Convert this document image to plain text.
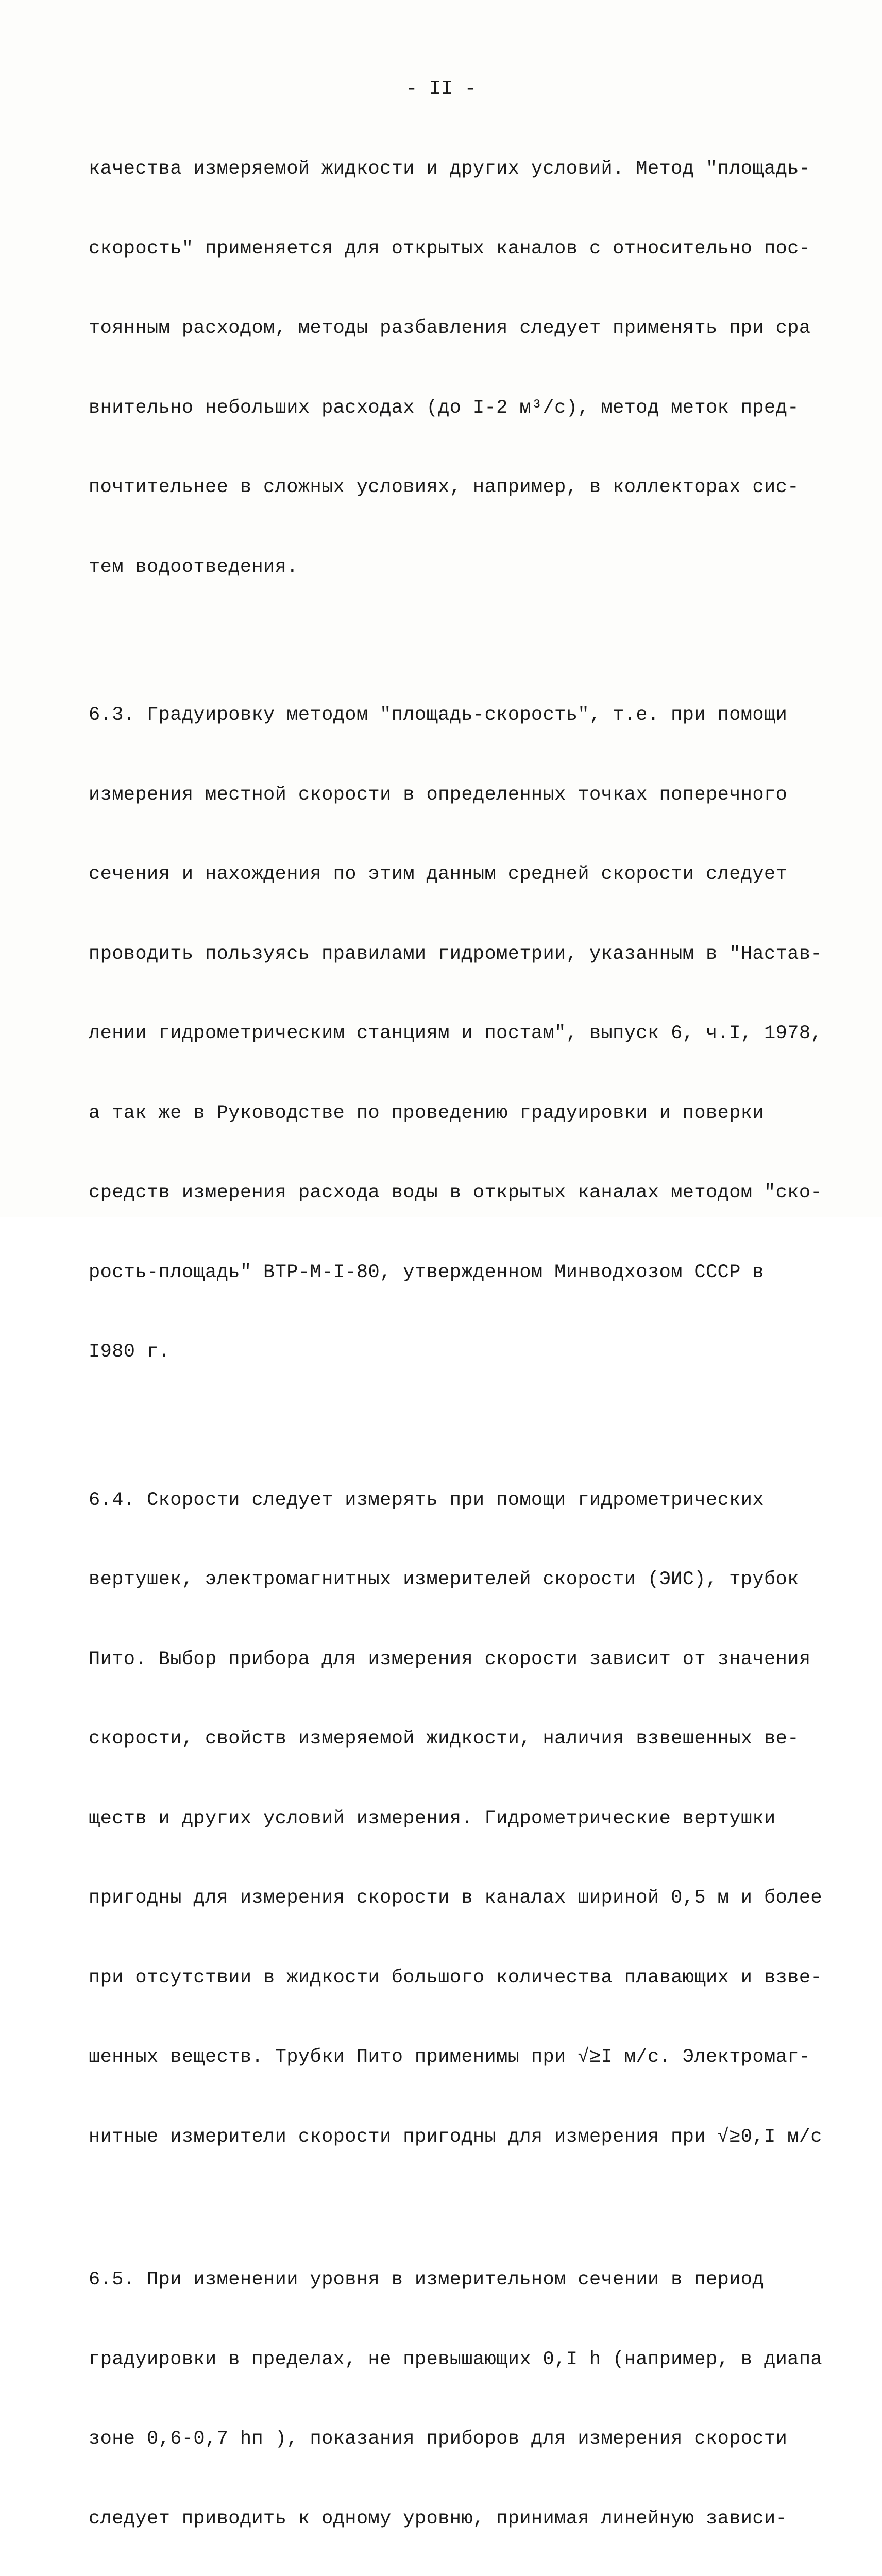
- II -

качества измеряемой жидкости и других условий. Метод "площадь-

скорость" применяется для открытых каналов с относительно пос-

тоянным расходом, методы разбавления следует применять при сра

внительно небольших расходах (до I-2 м³/с), метод меток пред-

почтительнее в сложных условиях, например, в коллекторах сис-

тем водоотведения.

6.3. Градуировку методом "площадь-скорость", т.е. при помощи

измерения местной скорости в определенных точках поперечного

сечения и нахождения по этим данным средней скорости следует

проводить пользуясь правилами гидрометрии, указанным в "Настав-

лении гидрометрическим станциям и постам", выпуск 6, ч.I, 1978,

а так же в Руководстве по проведению градуировки и поверки

средств измерения расхода воды в открытых каналах методом "ско-

рость-площадь" ВТР-М-I-80, утвержденном Минводхозом СССР в

I980 г.

6.4. Скорости следует измерять при помощи гидрометрических

вертушек, электромагнитных измерителей скорости (ЭИС), трубок

Пито. Выбор прибора для измерения скорости зависит от значения

скорости, свойств измеряемой жидкости, наличия взвешенных ве-

ществ и других условий измерения. Гидрометрические вертушки

пригодны для измерения скорости в каналах шириной 0,5 м и более

при отсутствии в жидкости большого количества плавающих и взве-

шенных веществ. Трубки Пито применимы при √≥I м/с. Электромаг-

нитные измерители скорости пригодны для измерения при √≥0,I м/с

6.5. При изменении уровня в измерительном сечении в период

градуировки в пределах, не превышающих 0,I h (например, в диапа

зоне 0,6-0,7 hп ), показания приборов для измерения скорости

следует приводить к одному уровню, принимая линейную зависи-
